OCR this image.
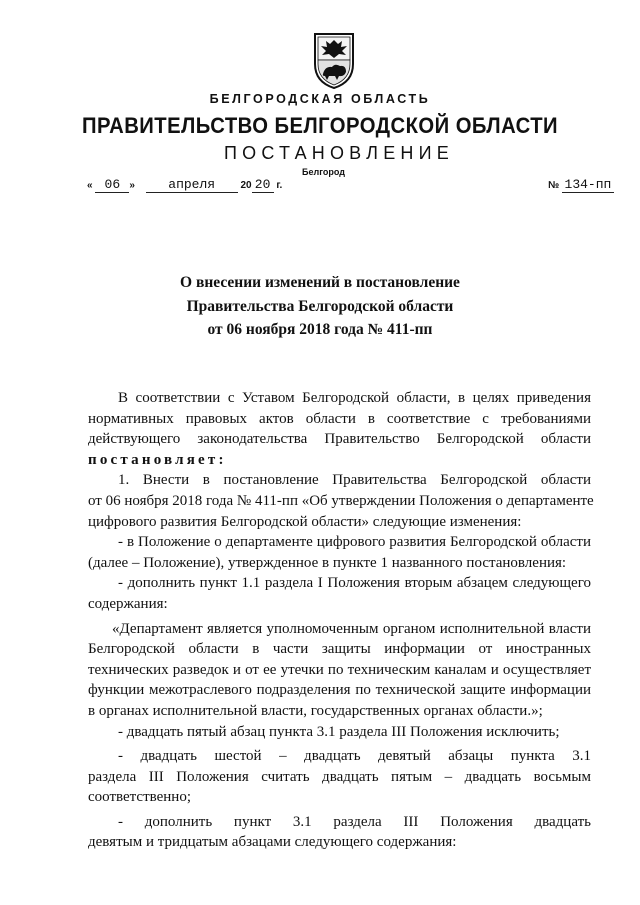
БЕЛГОРОДСКАЯ ОБЛАСТЬ
ПРАВИТЕЛЬСТВО БЕЛГОРОДСКОЙ ОБЛАСТИ
ПОСТАНОВЛЕНИЕ
Белгород
« 06 »	апреля	20 20 г.	№ 134-пп
О внесении изменений в постановление
Правительства Белгородской области
от 06 ноября 2018 года № 411-пп
В соответствии с Уставом Белгородской области, в целях приведения
нормативных правовых актов области в соответствие с требованиями
действующего законодательства Правительство Белгородской области
постановляет:
1. Внести в постановление Правительства Белгородской области
от 06 ноября 2018 года № 411-пп «Об утверждении Положения о департаменте
цифрового развития Белгородской области» следующие изменения:
- в Положение о департаменте цифрового развития Белгородской области
(далее – Положение), утвержденное в пункте 1 названного постановления:
- дополнить пункт 1.1 раздела I Положения вторым абзацем следующего
содержания:
«Департамент является уполномоченным органом исполнительной власти
Белгородской области в части защиты информации от иностранных
технических разведок и от ее утечки по техническим каналам и осуществляет
функции межотраслевого подразделения по технической защите информации
в органах исполнительной власти, государственных органах области.»;
- двадцать пятый абзац пункта 3.1 раздела III Положения исключить;
- двадцать шестой – двадцать девятый абзацы пункта 3.1
раздела III Положения считать двадцать пятым – двадцать восьмым
соответственно;
- дополнить пункт 3.1 раздела III Положения двадцать
девятым и тридцатым абзацами следующего содержания:
